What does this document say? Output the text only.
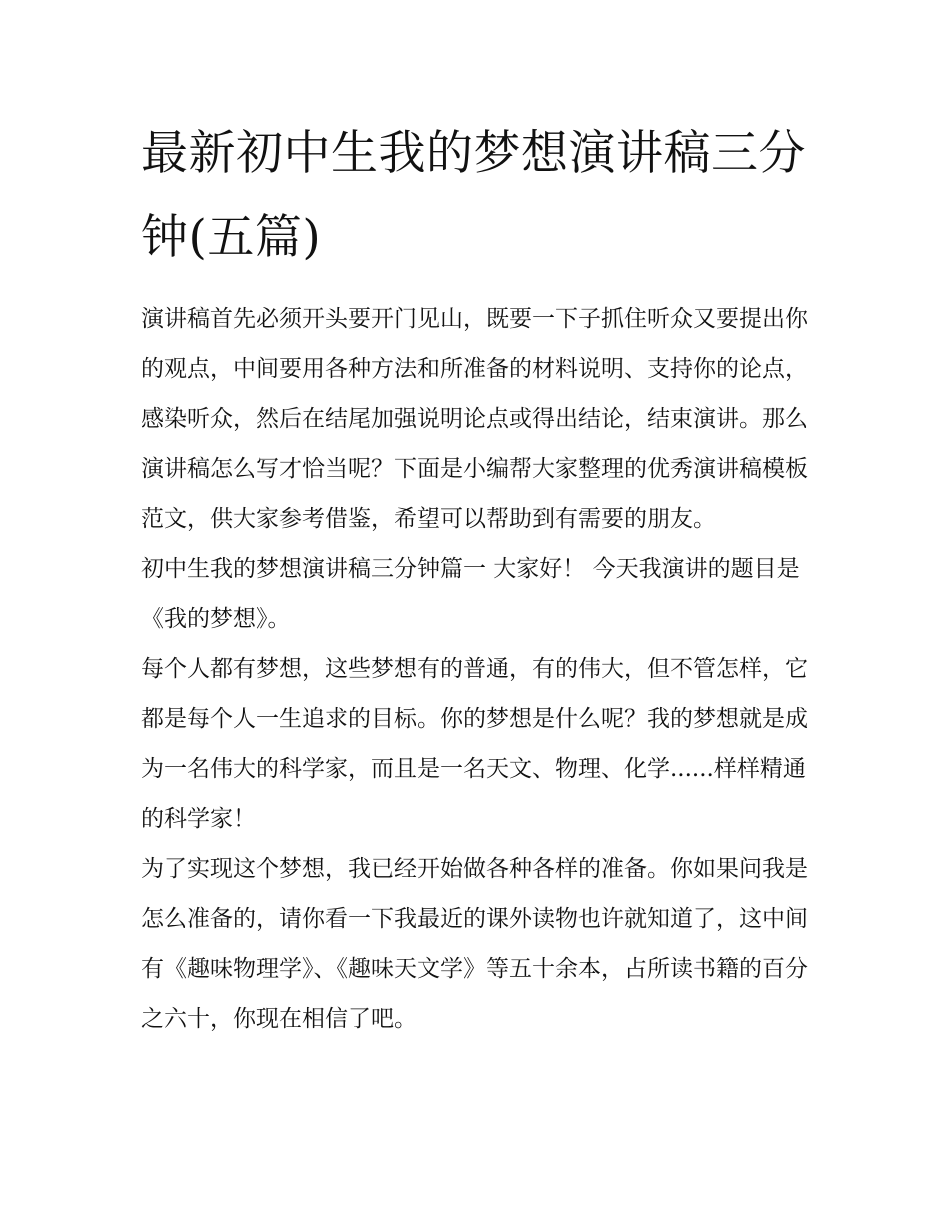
最新初中生我的梦想演讲稿三分钟(五篇)

演讲稿首先必须开头要开门见山，既要一下子抓住听众又要提出你的观点，中间要用各种方法和所准备的材料说明、支持你的论点，感染听众，然后在结尾加强说明论点或得出结论，结束演讲。那么演讲稿怎么写才恰当呢？下面是小编帮大家整理的优秀演讲稿模板范文，供大家参考借鉴，希望可以帮助到有需要的朋友。

初中生我的梦想演讲稿三分钟篇一 大家好！ 今天我演讲的题目是《我的梦想》。

每个人都有梦想，这些梦想有的普通，有的伟大，但不管怎样，它都是每个人一生追求的目标。你的梦想是什么呢？我的梦想就是成为一名伟大的科学家，而且是一名天文、物理、化学......样样精通的科学家！

为了实现这个梦想，我已经开始做各种各样的准备。你如果问我是怎么准备的，请你看一下我最近的课外读物也许就知道了，这中间有《趣味物理学》、《趣味天文学》等五十余本，占所读书籍的百分之六十，你现在相信了吧。
